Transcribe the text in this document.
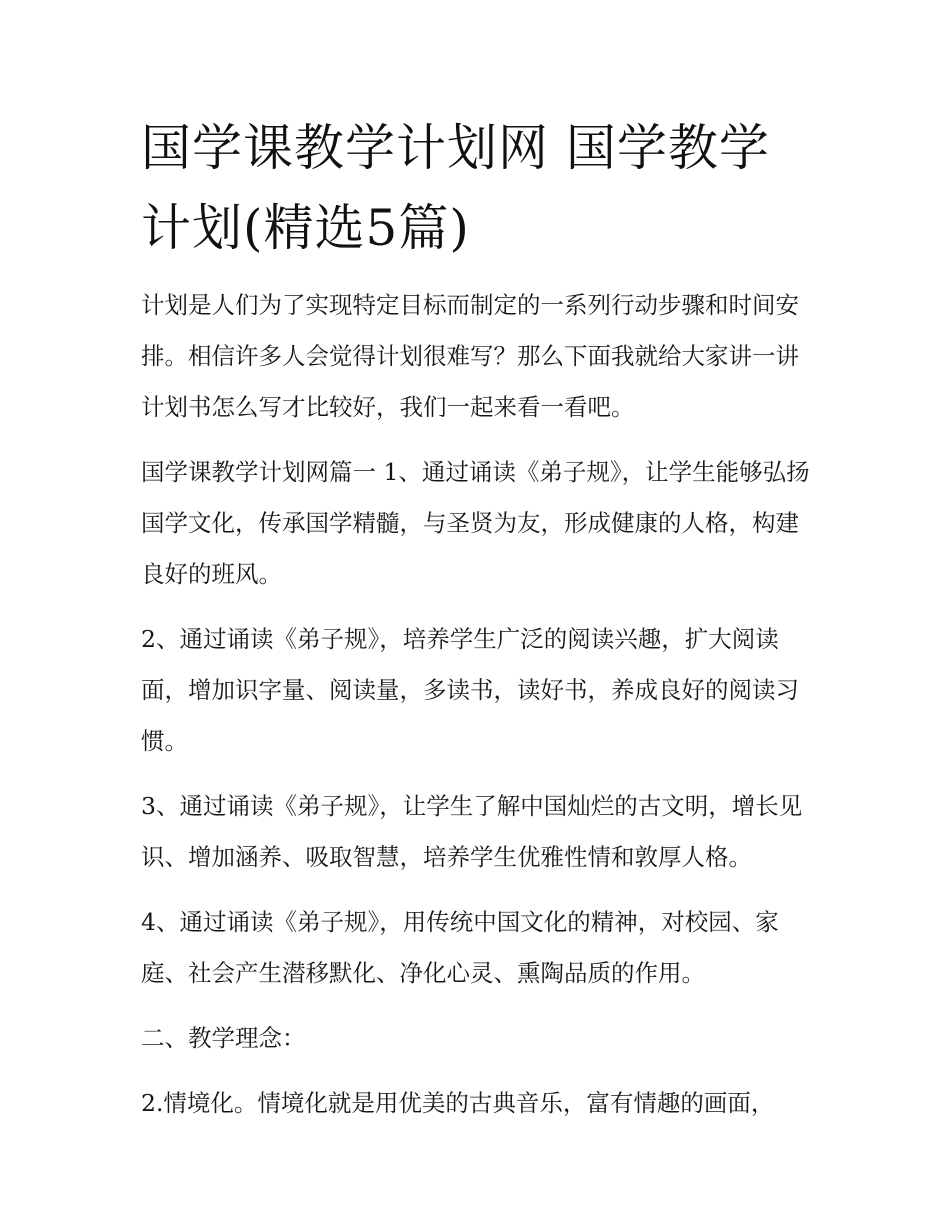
国学课教学计划网 国学教学计划(精选5篇)

计划是人们为了实现特定目标而制定的一系列行动步骤和时间安排。相信许多人会觉得计划很难写？那么下面我就给大家讲一讲计划书怎么写才比较好，我们一起来看一看吧。

国学课教学计划网篇一 1、通过诵读《弟子规》，让学生能够弘扬国学文化，传承国学精髓，与圣贤为友，形成健康的人格，构建良好的班风。

2、通过诵读《弟子规》，培养学生广泛的阅读兴趣，扩大阅读面，增加识字量、阅读量，多读书，读好书，养成良好的阅读习惯。

3、通过诵读《弟子规》，让学生了解中国灿烂的古文明，增长见识、增加涵养、吸取智慧，培养学生优雅性情和敦厚人格。

4、通过诵读《弟子规》，用传统中国文化的精神，对校园、家庭、社会产生潜移默化、净化心灵、熏陶品质的作用。

二、教学理念：

2.情境化。情境化就是用优美的古典音乐，富有情趣的画面，
